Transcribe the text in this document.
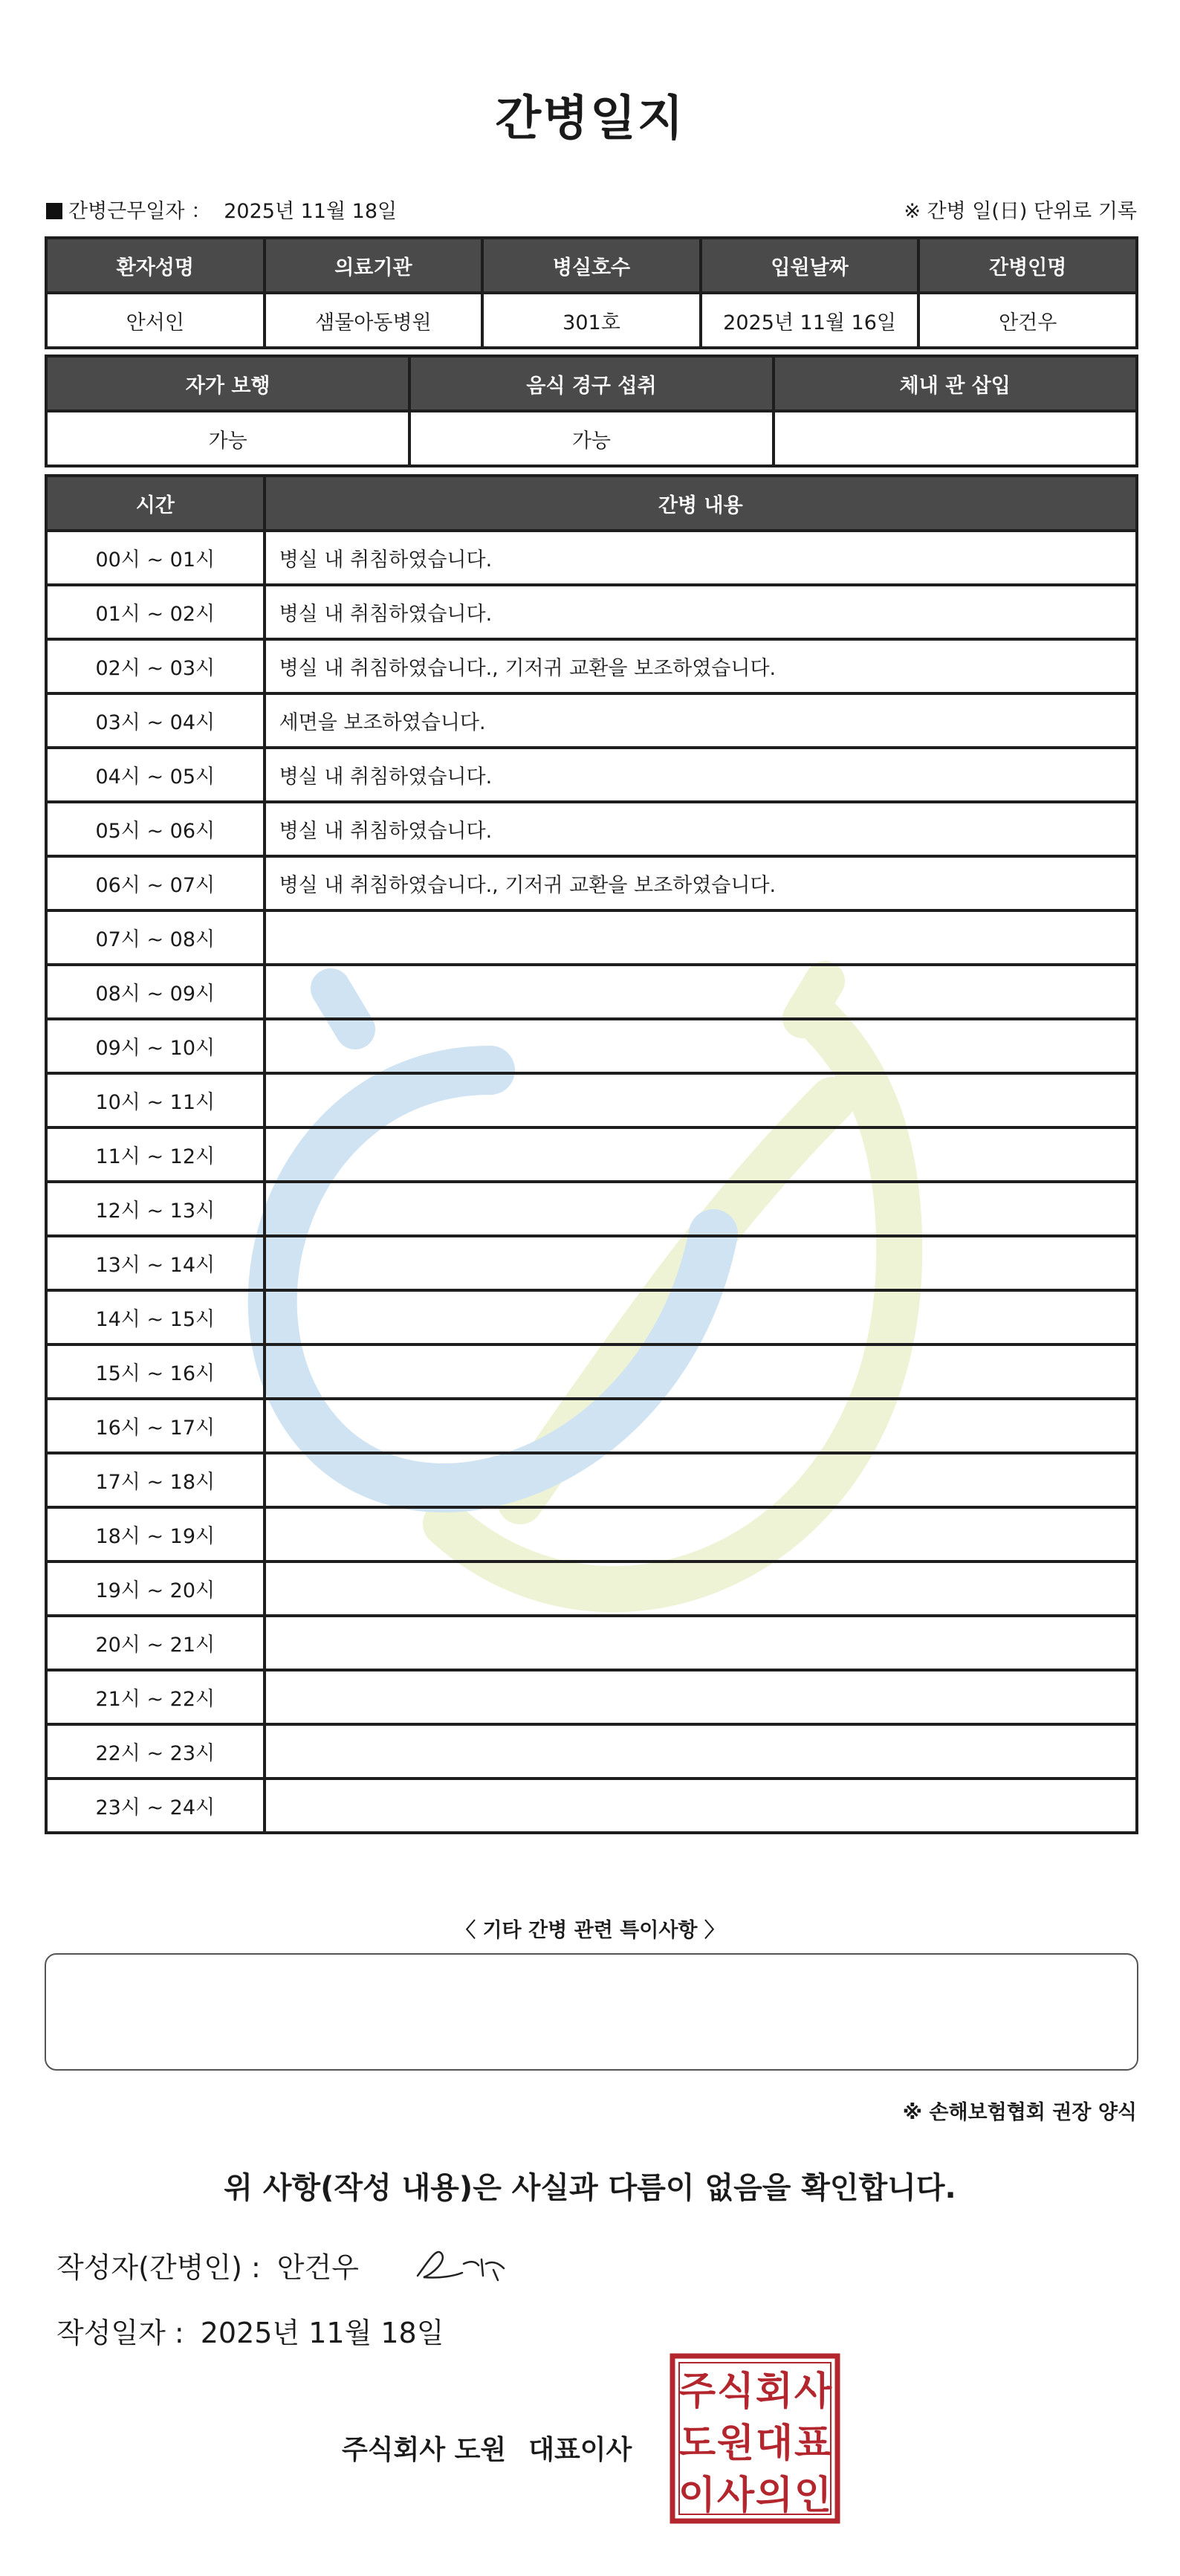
간병일지
간병근무일자 ： 2025년 11월 18일	※ 간병 일(日) 단위로 기록
환자성명	의료기관	병실호수	입원날짜	간병인명
안서인	샘물아동병원	301호	2025년 11월 16일	안건우
자가 보행	음식 경구 섭취	체내 관 삽입
가능	가능	
시간	간병 내용
00시 ~ 01시	병실 내 취침하였습니다.
01시 ~ 02시	병실 내 취침하였습니다.
02시 ~ 03시	병실 내 취침하였습니다., 기저귀 교환을 보조하였습니다.
03시 ~ 04시	세면을 보조하였습니다.
04시 ~ 05시	병실 내 취침하였습니다.
05시 ~ 06시	병실 내 취침하였습니다.
06시 ~ 07시	병실 내 취침하였습니다., 기저귀 교환을 보조하였습니다.
07시 ~ 08시	
08시 ~ 09시	
09시 ~ 10시	
10시 ~ 11시	
11시 ~ 12시	
12시 ~ 13시	
13시 ~ 14시	
14시 ~ 15시	
15시 ~ 16시	
16시 ~ 17시	
17시 ~ 18시	
18시 ~ 19시	
19시 ~ 20시	
20시 ~ 21시	
21시 ~ 22시	
22시 ~ 23시	
23시 ~ 24시	
〈 기타 간병 관련 특이사항 〉
※ 손해보험협회 권장 양식
위 사항(작성 내용)은 사실과 다름이 없음을 확인합니다.
작성자(간병인) : 안건우
작성일자 : 2025년 11월 18일
주식회사 도원 대표이사
주 식 회 사
도 원 대 표
이 사 의 인
